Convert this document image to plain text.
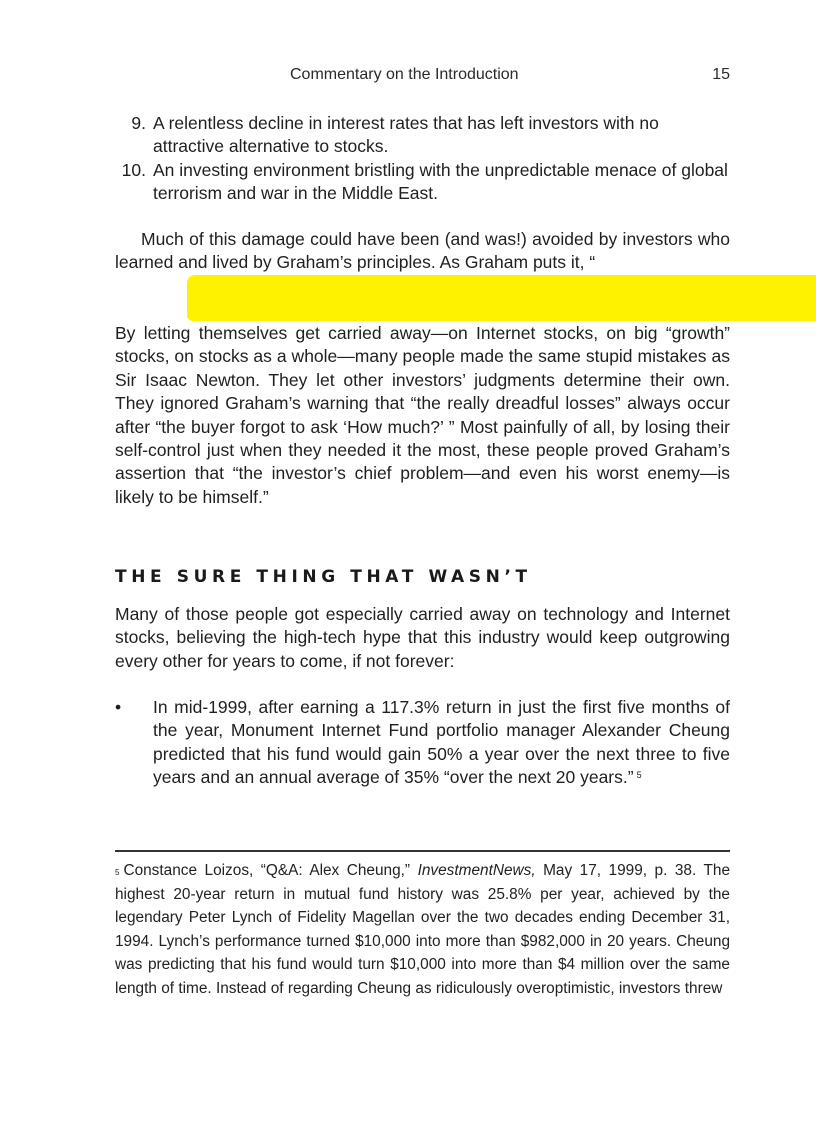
Commentary on the Introduction	15
9. A relentless decline in interest rates that has left investors with no attractive alternative to stocks.
10. An investing environment bristling with the unpredictable menace of global terrorism and war in the Middle East.

Much of this damage could have been (and was!) avoided by investors who learned and lived by Graham’s principles. As Graham puts it, “

By letting themselves get carried away—on Internet stocks, on big “growth” stocks, on stocks as a whole—many people made the same stupid mistakes as Sir Isaac Newton. They let other investors’ judgments determine their own. They ignored Graham’s warning that “the really dreadful losses” always occur after “the buyer forgot to ask ‘How much?’ ” Most painfully of all, by losing their self-control just when they needed it the most, these people proved Graham’s assertion that “the investor’s chief problem—and even his worst enemy—is likely to be himself.”

THE SURE THING THAT WASN’T

Many of those people got especially carried away on technology and Internet stocks, believing the high-tech hype that this industry would keep outgrowing every other for years to come, if not forever:

• In mid-1999, after earning a 117.3% return in just the first five months of the year, Monument Internet Fund portfolio manager Alexander Cheung predicted that his fund would gain 50% a year over the next three to five years and an annual average of 35% “over the next 20 years.” $^5$
$^5$ Constance Loizos, “Q&A: Alex Cheung,” InvestmentNews, May 17, 1999, p. 38. The highest 20-year return in mutual fund history was 25.8% per year, achieved by the legendary Peter Lynch of Fidelity Magellan over the two decades ending December 31, 1994. Lynch’s performance turned $10,000 into more than $982,000 in 20 years. Cheung was predicting that his fund would turn $10,000 into more than $4 million over the same length of time. Instead of regarding Cheung as ridiculously overoptimistic, investors threw
